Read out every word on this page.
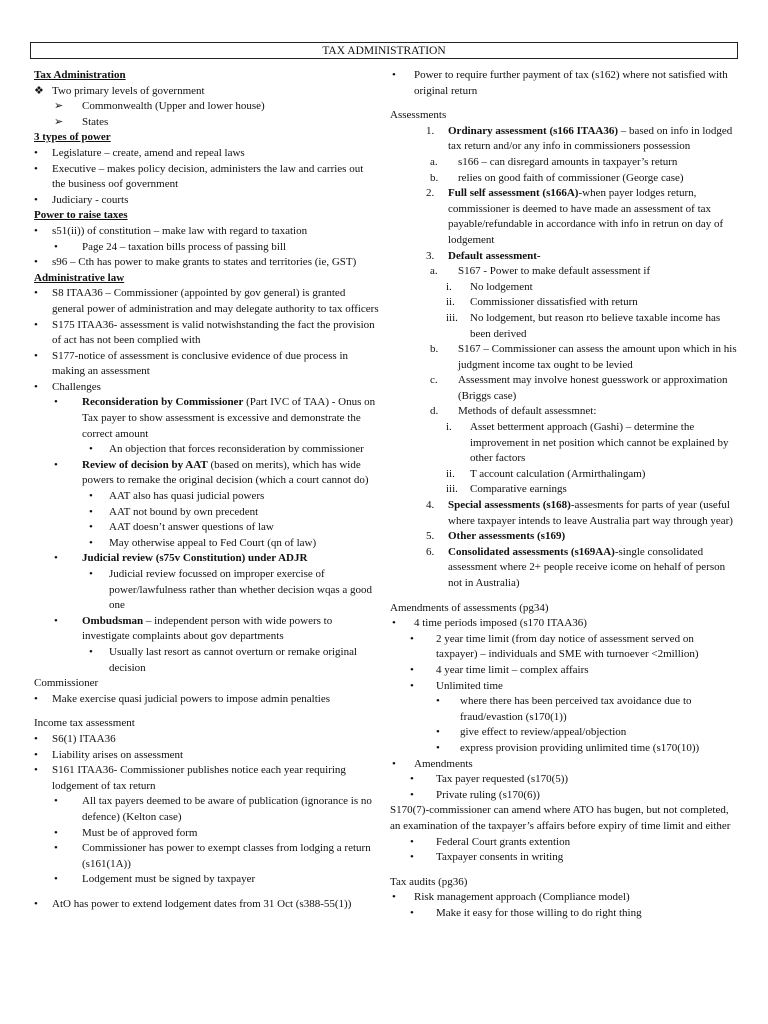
TAX ADMINISTRATION
Tax Administration
❖ Two primary levels of government
➢ Commonwealth (Upper and lower house)
➢ States
3 types of power
• Legislature – create, amend and repeal laws
• Executive – makes policy decision, administers the law and carries out the business oof government
• Judiciary - courts
Power to raise taxes
• s51(ii)) of constitution – make law with regard to taxation
• Page 24 – taxation bills process of passing bill
• s96 – Cth has power to make grants to states and territories (ie, GST)
Administrative law
• S8 ITAA36 – Commissioner (appointed by gov general) is granted general power of administration and may delegate authority to tax officers
• S175 ITAA36- assessment is valid notwishstanding the fact the provision of act has not been complied with
• S177-notice of assessment is conclusive evidence of due process in making an assessment
• Challenges
• Reconsideration by Commissioner (Part IVC of TAA) - Onus on Tax payer to show assessment is excessive and demonstrate the correct amount
• An objection that forces reconsideration by commissioner
• Review of decision by AAT (based on merits), which has wide powers to remake the original decision (which a court cannot do)
• AAT also has quasi judicial powers
• AAT not bound by own precedent
• AAT doesn’t answer questions of law
• May otherwise appeal to Fed Court (qn of law)
• Judicial review (s75v Constitution) under ADJR
• Judicial review focussed on improper exercise of power/lawfulness rather than whether decision wqas a good one
• Ombudsman – independent person with wide powers to investigate complaints about gov departments
• Usually last resort as cannot overturn or remake original decision
Commissioner
• Make exercise quasi judicial powers to impose admin penalties
Income tax assessment
• S6(1) ITAA36
• Liability arises on assessment
• S161 ITAA36- Commissioner publishes notice each year requiring lodgement of tax return
• All tax payers deemed to be aware of publication (ignorance is no defence) (Kelton case)
• Must be of approved form
• Commissioner has power to exempt classes from lodging a return (s161(1A))
• Lodgement must be signed by taxpayer
• AtO has power to extend lodgement dates from 31 Oct (s388-55(1))
• Power to require further payment of tax (s162) where not satisfied with original return
Assessments
1. Ordinary assessment (s166 ITAA36) – based on info in lodged tax return and/or any info in commissioners possession
a. s166 – can disregard amounts in taxpayer’s return
b. relies on good faith of commissioner (George case)
2. Full self assessment (s166A)-when payer lodges return, commissioner is deemed to have made an assessment of tax payable/refundable in accordance with info in retrun on day of lodgement
3. Default assessment-
a. S167 - Power to make default assessment if
i. No lodgement
ii. Commissioner dissatisfied with return
iii. No lodgement, but reason rto believe taxable income has been derived
b. S167 – Commissioner can assess the amount upon which in his judgment income tax ought to be levied
c. Assessment may involve honest guesswork or approximation (Briggs case)
d. Methods of default assessmnet:
i. Asset betterment approach (Gashi) – determine the improvement in net position which cannot be explained by other factors
ii. T account calculation (Armirthalingam)
iii. Comparative earnings
4. Special assessments (s168)-assesments for parts of year (useful where taxpayer intends to leave Australia part way through year)
5. Other assessments (s169)
6. Consolidated assessments (s169AA)-single consolidated assessment where 2+ people receive icome on hehalf of person not in Australia)
Amendments of assessments (pg34)
• 4 time periods imposed (s170 ITAA36)
• 2 year time limit (from day notice of assessment served on taxpayer) – individuals and SME with turnoever <2million)
• 4 year time limit – complex affairs
• Unlimited time
• where there has been perceived tax avoidance due to fraud/evastion (s170(1))
• give effect to review/appeal/objection
• express provision providing unlimited time (s170(10))
• Amendments
• Tax payer requested (s170(5))
• Private ruling (s170(6))
S170(7)-commissioner can amend where ATO has bugen, but not completed, an examination of the taxpayer’s affairs before expiry of time limit and either
• Federal Court grants extention
• Taxpayer consents in writing
Tax audits (pg36)
• Risk management approach (Compliance model)
• Make it easy for those willing to do right thing
